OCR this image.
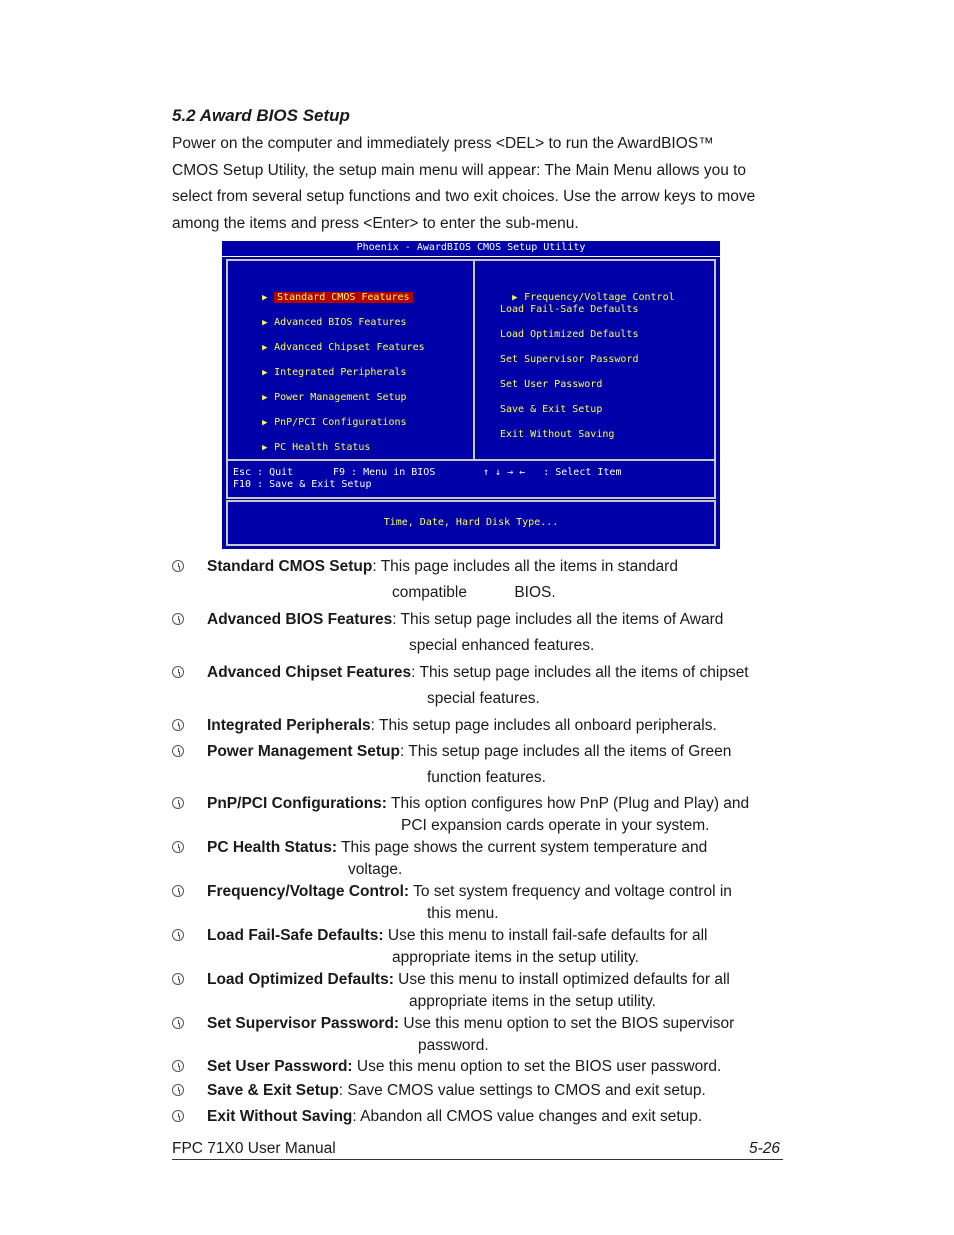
5.2 Award BIOS Setup

Power on the computer and immediately press <DEL> to run the AwardBIOS™
CMOS Setup Utility, the setup main menu will appear: The Main Menu allows you to
select from several setup functions and two exit choices. Use the arrow keys to move
among the items and press <Enter> to enter the sub-menu.

Phoenix - AwardBIOS CMOS Setup Utility

▶ Standard CMOS Features

▶ Advanced BIOS Features

▶ Advanced Chipset Features

▶ Integrated Peripherals

▶ Power Management Setup

▶ PnP/PCI Configurations

▶ PC Health Status

▶ Frequency/Voltage Control

Load Fail-Safe Defaults
Load Optimized Defaults
Set Supervisor Password
Set User Password
Save & Exit Setup
Exit Without Saving
Esc : Quit	F9 : Menu in BIOS	↑ ↓ → ←   : Select Item
F10 : Save & Exit Setup
Time, Date, Hard Disk Type...
Standard CMOS Setup: This page includes all the items in standard
compatible           BIOS.
Advanced BIOS Features: This setup page includes all the items of Award
special enhanced features.
Advanced Chipset Features: This setup page includes all the items of chipset
special features.
Integrated Peripherals: This setup page includes all onboard peripherals.
Power Management Setup: This setup page includes all the items of Green
function features.
PnP/PCI Configurations: This option configures how PnP (Plug and Play) and
PCI expansion cards operate in your system.
PC Health Status: This page shows the current system temperature and
voltage.
Frequency/Voltage Control: To set system frequency and voltage control in
this menu.
Load Fail-Safe Defaults: Use this menu to install fail-safe defaults for all
appropriate items in the setup utility.
Load Optimized Defaults: Use this menu to install optimized defaults for all
appropriate items in the setup utility.
Set Supervisor Password: Use this menu option to set the BIOS supervisor
password.
Set User Password: Use this menu option to set the BIOS user password.
Save & Exit Setup: Save CMOS value settings to CMOS and exit setup.
Exit Without Saving: Abandon all CMOS value changes and exit setup.
FPC 71X0 User Manual	5-26
